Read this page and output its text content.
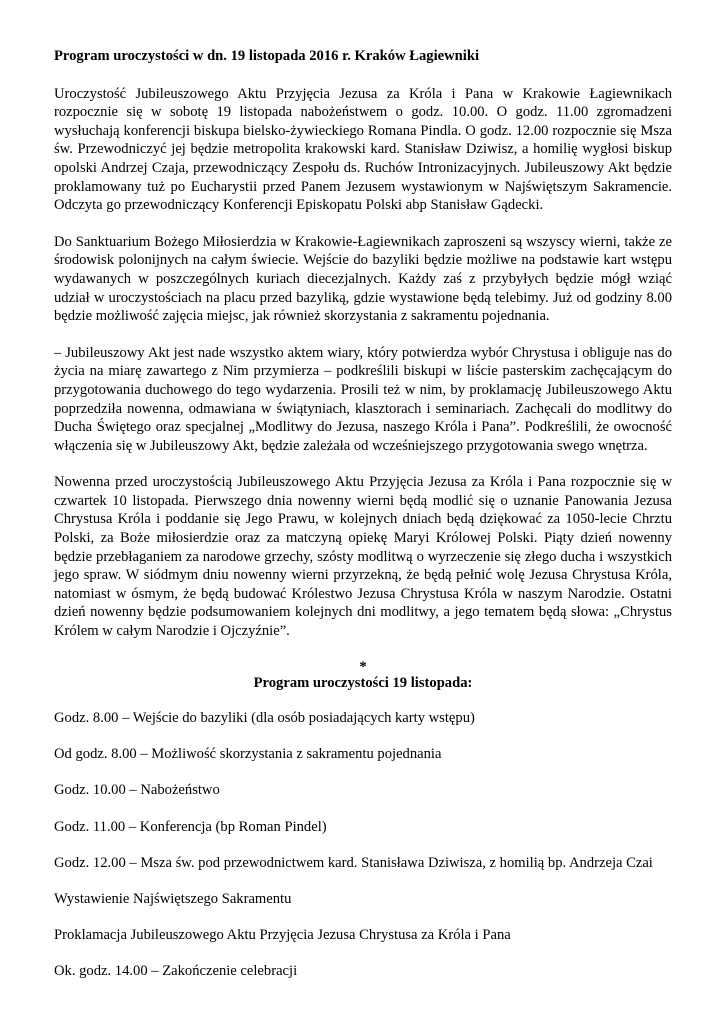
Program uroczystości w dn. 19 listopada 2016 r. Kraków Łagiewniki

Uroczystość Jubileuszowego Aktu Przyjęcia Jezusa za Króla i Pana w Krakowie Łagiewnikach rozpocznie się w sobotę 19 listopada nabożeństwem o godz. 10.00. O godz. 11.00 zgromadzeni wysłuchają konferencji biskupa bielsko-żywieckiego Romana Pindla. O godz. 12.00 rozpocznie się Msza św. Przewodniczyć jej będzie metropolita krakowski kard. Stanisław Dziwisz, a homilię wygłosi biskup opolski Andrzej Czaja, przewodniczący Zespołu ds. Ruchów Intronizacyjnych. Jubileuszowy Akt będzie proklamowany tuż po Eucharystii przed Panem Jezusem wystawionym w Najświętszym Sakramencie. Odczyta go przewodniczący Konferencji Episkopatu Polski abp Stanisław Gądecki.

Do Sanktuarium Bożego Miłosierdzia w Krakowie-Łagiewnikach zaproszeni są wszyscy wierni, także ze środowisk polonijnych na całym świecie. Wejście do bazyliki będzie możliwe na podstawie kart wstępu wydawanych w poszczególnych kuriach diecezjalnych. Każdy zaś z przybyłych będzie mógł wziąć udział w uroczystościach na placu przed bazyliką, gdzie wystawione będą telebimy. Już od godziny 8.00 będzie możliwość zajęcia miejsc, jak również skorzystania z sakramentu pojednania.

– Jubileuszowy Akt jest nade wszystko aktem wiary, który potwierdza wybór Chrystusa i obliguje nas do życia na miarę zawartego z Nim przymierza – podkreślili biskupi w liście pasterskim zachęcającym do przygotowania duchowego do tego wydarzenia. Prosili też w nim, by proklamację Jubileuszowego Aktu poprzedziła nowenna, odmawiana w świątyniach, klasztorach i seminariach. Zachęcali do modlitwy do Ducha Świętego oraz specjalnej „Modlitwy do Jezusa, naszego Króla i Pana”. Podkreślili, że owocność włączenia się w Jubileuszowy Akt, będzie zależała od wcześniejszego przygotowania swego wnętrza.

Nowenna przed uroczystością Jubileuszowego Aktu Przyjęcia Jezusa za Króla i Pana rozpocznie się w czwartek 10 listopada. Pierwszego dnia nowenny wierni będą modlić się o uznanie Panowania Jezusa Chrystusa Króla i poddanie się Jego Prawu, w kolejnych dniach będą dziękować za 1050-lecie Chrztu Polski, za Boże miłosierdzie oraz za matczyną opiekę Maryi Królowej Polski. Piąty dzień nowenny będzie przebłaganiem za narodowe grzechy, szósty modlitwą o wyrzeczenie się złego ducha i wszystkich jego spraw. W siódmym dniu nowenny wierni przyrzekną, że będą pełnić wolę Jezusa Chrystusa Króla, natomiast w ósmym, że będą budować Królestwo Jezusa Chrystusa Króla w naszym Narodzie. Ostatni dzień nowenny będzie podsumowaniem kolejnych dni modlitwy, a jego tematem będą słowa: „Chrystus Królem w całym Narodzie i Ojczyźnie”.

*

Program uroczystości 19 listopada:

Godz. 8.00 – Wejście do bazyliki (dla osób posiadających karty wstępu)

Od godz. 8.00 – Możliwość skorzystania z sakramentu pojednania

Godz. 10.00 – Nabożeństwo

Godz. 11.00 – Konferencja (bp Roman Pindel)

Godz. 12.00 – Msza św. pod przewodnictwem kard. Stanisława Dziwisza, z homilią bp. Andrzeja Czai

Wystawienie Najświętszego Sakramentu

Proklamacja Jubileuszowego Aktu Przyjęcia Jezusa Chrystusa za Króla i Pana

Ok. godz. 14.00 – Zakończenie celebracji
